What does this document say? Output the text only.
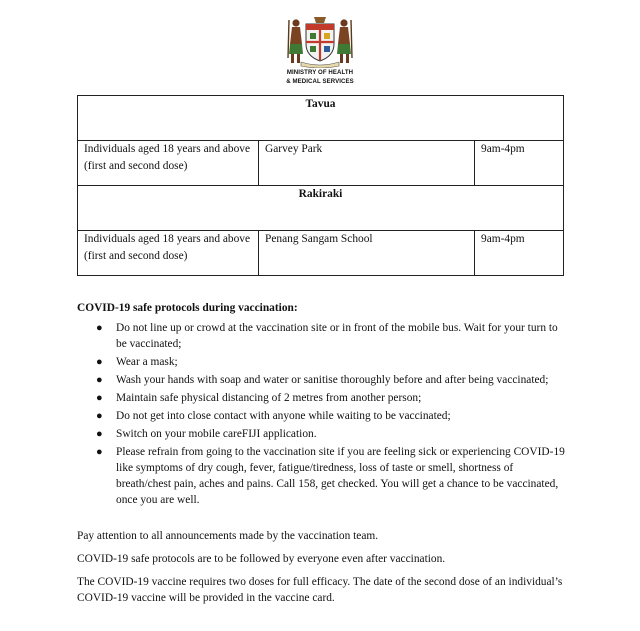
MINISTRY OF HEALTH
& MEDICAL SERVICES
Tavua		
Individuals aged 18 years and above (first and second dose)	Garvey Park	9am-4pm
Rakiraki		
Individuals aged 18 years and above (first and second dose)	Penang Sangam School	9am-4pm

COVID-19 safe protocols during vaccination:

● Do not line up or crowd at the vaccination site or in front of the mobile bus. Wait for your turn to be vaccinated;
● Wear a mask;
● Wash your hands with soap and water or sanitise thoroughly before and after being vaccinated;
● Maintain safe physical distancing of 2 metres from another person;
● Do not get into close contact with anyone while waiting to be vaccinated;
● Switch on your mobile careFIJI application.
● Please refrain from going to the vaccination site if you are feeling sick or experiencing COVID-19 like symptoms of dry cough, fever, fatigue/tiredness, loss of taste or smell, shortness of breath/chest pain, aches and pains. Call 158, get checked. You will get a chance to be vaccinated, once you are well.

Pay attention to all announcements made by the vaccination team.

COVID-19 safe protocols are to be followed by everyone even after vaccination.

The COVID-19 vaccine requires two doses for full efficacy. The date of the second dose of an individual’s COVID-19 vaccine will be provided in the vaccine card.
